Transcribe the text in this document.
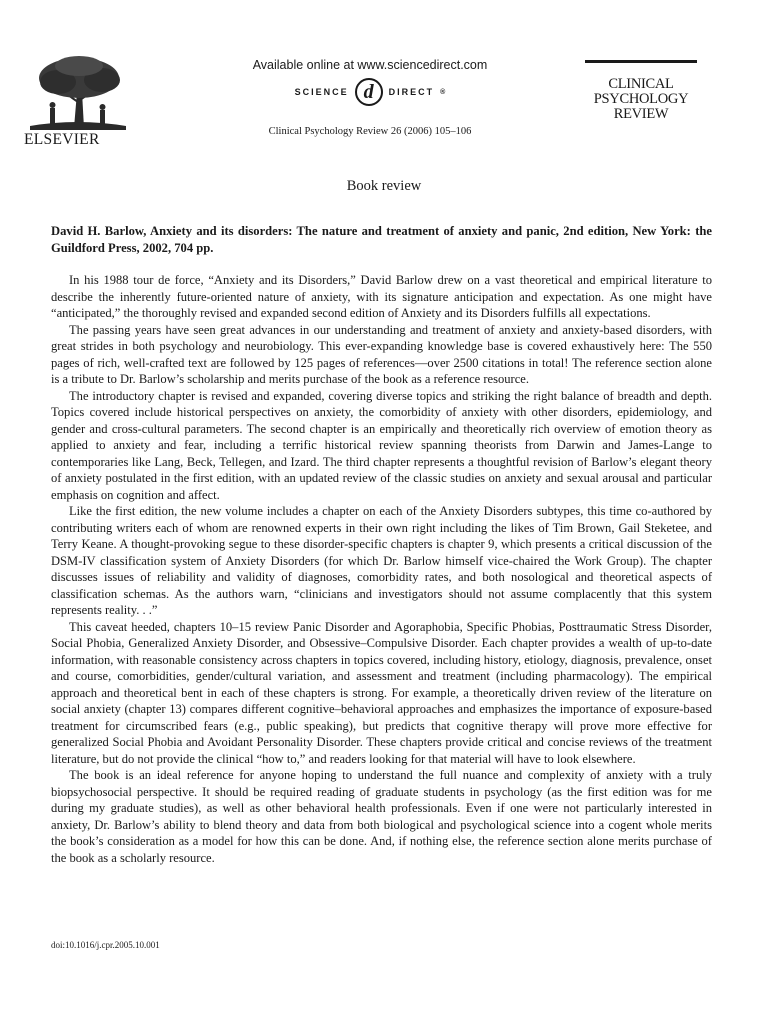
ELSEVIER
Available online at www.sciencedirect.com
SCIENCE d DIRECT ®
Clinical Psychology Review 26 (2006) 105–106
CLINICAL
PSYCHOLOGY
REVIEW
Book review
David H. Barlow, Anxiety and its disorders: The nature and treatment of anxiety and panic, 2nd edition, New York: the Guildford Press, 2002, 704 pp.

In his 1988 tour de force, “Anxiety and its Disorders,” David Barlow drew on a vast theoretical and empirical literature to describe the inherently future-oriented nature of anxiety, with its signature anticipation and expectation. As one might have “anticipated,” the thoroughly revised and expanded second edition of Anxiety and its Disorders fulfills all expectations.

The passing years have seen great advances in our understanding and treatment of anxiety and anxiety-based disorders, with great strides in both psychology and neurobiology. This ever-expanding knowledge base is covered exhaustively here: The 550 pages of rich, well-crafted text are followed by 125 pages of references—over 2500 citations in total! The reference section alone is a tribute to Dr. Barlow’s scholarship and merits purchase of the book as a reference resource.

The introductory chapter is revised and expanded, covering diverse topics and striking the right balance of breadth and depth. Topics covered include historical perspectives on anxiety, the comorbidity of anxiety with other disorders, epidemiology, and gender and cross-cultural parameters. The second chapter is an empirically and theoretically rich overview of emotion theory as applied to anxiety and fear, including a terrific historical review spanning theorists from Darwin and James-Lange to contemporaries like Lang, Beck, Tellegen, and Izard. The third chapter represents a thoughtful revision of Barlow’s elegant theory of anxiety postulated in the first edition, with an updated review of the classic studies on anxiety and sexual arousal and particular emphasis on cognition and affect.

Like the first edition, the new volume includes a chapter on each of the Anxiety Disorders subtypes, this time co-authored by contributing writers each of whom are renowned experts in their own right including the likes of Tim Brown, Gail Steketee, and Terry Keane. A thought-provoking segue to these disorder-specific chapters is chapter 9, which presents a critical discussion of the DSM-IV classification system of Anxiety Disorders (for which Dr. Barlow himself vice-chaired the Work Group). The chapter discusses issues of reliability and validity of diagnoses, comorbidity rates, and both nosological and theoretical aspects of classification schemas. As the authors warn, “clinicians and investigators should not assume complacently that this system represents reality. . .”

This caveat heeded, chapters 10–15 review Panic Disorder and Agoraphobia, Specific Phobias, Posttraumatic Stress Disorder, Social Phobia, Generalized Anxiety Disorder, and Obsessive–Compulsive Disorder. Each chapter provides a wealth of up-to-date information, with reasonable consistency across chapters in topics covered, including history, etiology, diagnosis, prevalence, onset and course, comorbidities, gender/cultural variation, and assessment and treatment (including pharmacology). The empirical approach and theoretical bent in each of these chapters is strong. For example, a theoretically driven review of the literature on social anxiety (chapter 13) compares different cognitive–behavioral approaches and emphasizes the importance of exposure-based treatment for circumscribed fears (e.g., public speaking), but predicts that cognitive therapy will prove more effective for generalized Social Phobia and Avoidant Personality Disorder. These chapters provide critical and concise reviews of the treatment literature, but do not provide the clinical “how to,” and readers looking for that material will have to look elsewhere.

The book is an ideal reference for anyone hoping to understand the full nuance and complexity of anxiety with a truly biopsychosocial perspective. It should be required reading of graduate students in psychology (as the first edition was for me during my graduate studies), as well as other behavioral health professionals. Even if one were not particularly interested in anxiety, Dr. Barlow’s ability to blend theory and data from both biological and psychological science into a cogent whole merits the book’s consideration as a model for how this can be done. And, if nothing else, the reference section alone merits purchase of the book as a scholarly resource.

doi:10.1016/j.cpr.2005.10.001
